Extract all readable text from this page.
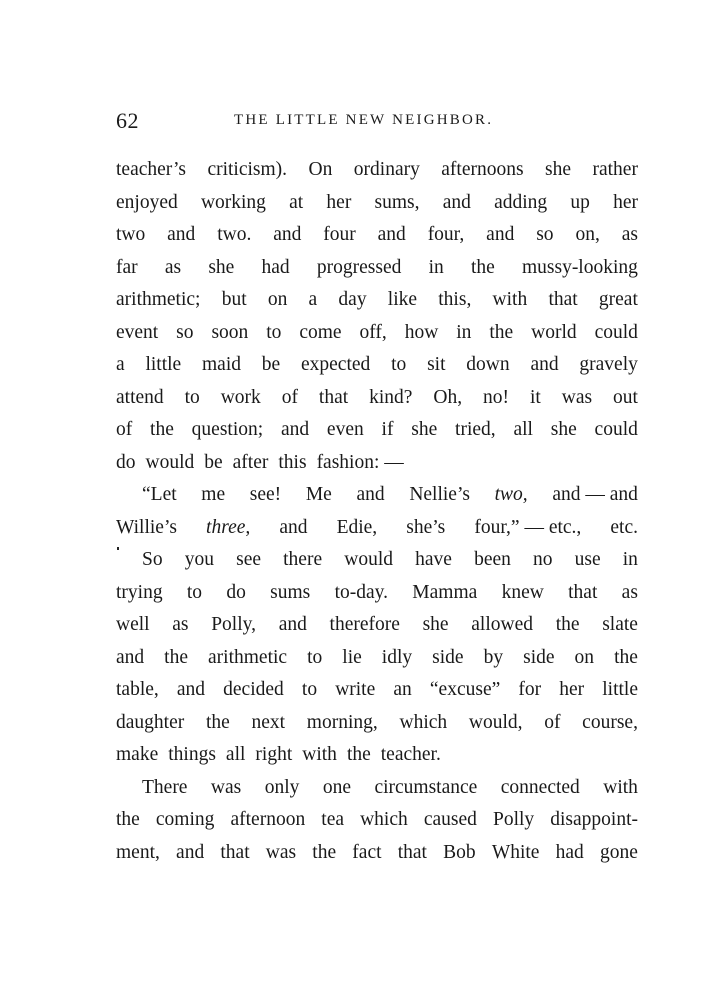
62	THE LITTLE NEW NEIGHBOR.
teacher’s criticism). On ordinary afternoons she rather
enjoyed working at her sums, and adding up her
two and two. and four and four, and so on, as
far as she had progressed in the mussy-looking
arithmetic; but on a day like this, with that great
event so soon to come off, how in the world could
a little maid be expected to sit down and gravely
attend to work of that kind? Oh, no! it was out
of the question; and even if she tried, all she could
do would be after this fashion: —
“Let me see! Me and Nellie’s two, and — and
Willie’s three, and Edie, she’s four,” — etc., etc.
So you see there would have been no use in
trying to do sums to-day. Mamma knew that as
well as Polly, and therefore she allowed the slate
and the arithmetic to lie idly side by side on the
table, and decided to write an “excuse” for her little
daughter the next morning, which would, of course,
make things all right with the teacher.
There was only one circumstance connected with
the coming afternoon tea which caused Polly disappoint-
ment, and that was the fact that Bob White had gone
